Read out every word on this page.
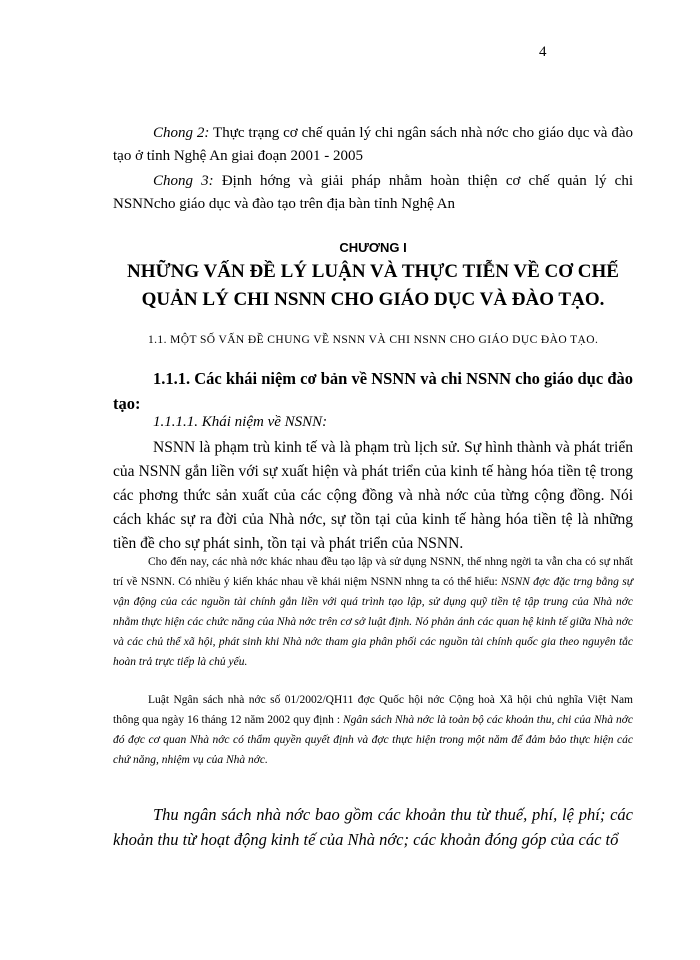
4

Chong 2: Thực trạng cơ chế quản lý chi ngân sách nhà nớc cho giáo dục và đào tạo ở tỉnh Nghệ An giai đoạn 2001 - 2005

Chong 3: Định hớng và giải pháp nhằm hoàn thiện cơ chế quản lý chi NSNNcho giáo dục và đào tạo trên địa bàn tỉnh Nghệ An

CHƯƠNG I
NHỮNG VẤN ĐỀ LÝ LUẬN VÀ THỰC TIỄN VỀ CƠ CHẾ
QUẢN LÝ CHI NSNN CHO GIÁO DỤC VÀ ĐÀO TẠO.

1.1. MỘT SỐ VẤN ĐỀ CHUNG VỀ NSNN VÀ CHI NSNN CHO GIÁO DỤC ĐÀO TẠO.

1.1.1. Các khái niệm cơ bản về NSNN và chi NSNN cho giáo dục đào tạo:

1.1.1.1. Khái niệm về NSNN:

NSNN là phạm trù kinh tế và là phạm trù lịch sử. Sự hình thành và phát triển của NSNN gắn liền với sự xuất hiện và phát triển của kinh tế hàng hóa tiền tệ trong các phơng thức sản xuất của các cộng đồng và nhà nớc của từng cộng đồng. Nói cách khác sự ra đời của Nhà nớc, sự tồn tại của kinh tế hàng hóa tiền tệ là những tiền đề cho sự phát sinh, tồn tại và phát triển của NSNN.

Cho đến nay, các nhà nớc khác nhau đều tạo lập và sử dụng NSNN, thế nhng ngời ta vẫn cha có sự nhất trí về NSNN. Có nhiều ý kiến khác nhau về khái niệm NSNN nhng ta có thể hiểu: NSNN đợc đặc trng bằng sự vận động của các nguồn tài chính gắn liền với quá trình tạo lập, sử dụng quỹ tiền tệ tập trung của Nhà nớc nhằm thực hiện các chức năng của Nhà nớc trên cơ sở luật định. Nó phản ánh các quan hệ kinh tế giữa Nhà nớc và các chủ thể xã hội, phát sinh khi Nhà nớc tham gia phân phối các nguồn tài chính quốc gia theo nguyên tắc hoàn trả trực tiếp là chủ yếu.

Luật Ngân sách nhà nớc số 01/2002/QH11 đợc Quốc hội nớc Cộng hoà Xã hội chủ nghĩa Việt Nam thông qua ngày 16 tháng 12 năm 2002 quy định : Ngân sách Nhà nớc là toàn bộ các khoản thu, chi của Nhà nớc đó đợc cơ quan Nhà nớc có thẩm quyền quyết định và đợc thực hiện trong một năm để đảm bảo thực hiện các chứ năng, nhiệm vụ của Nhà nớc.

Thu ngân sách nhà nớc bao gồm các khoản thu từ thuế, phí, lệ phí; các khoản thu từ hoạt động kinh tế của Nhà nớc; các khoản đóng góp của các tổ
